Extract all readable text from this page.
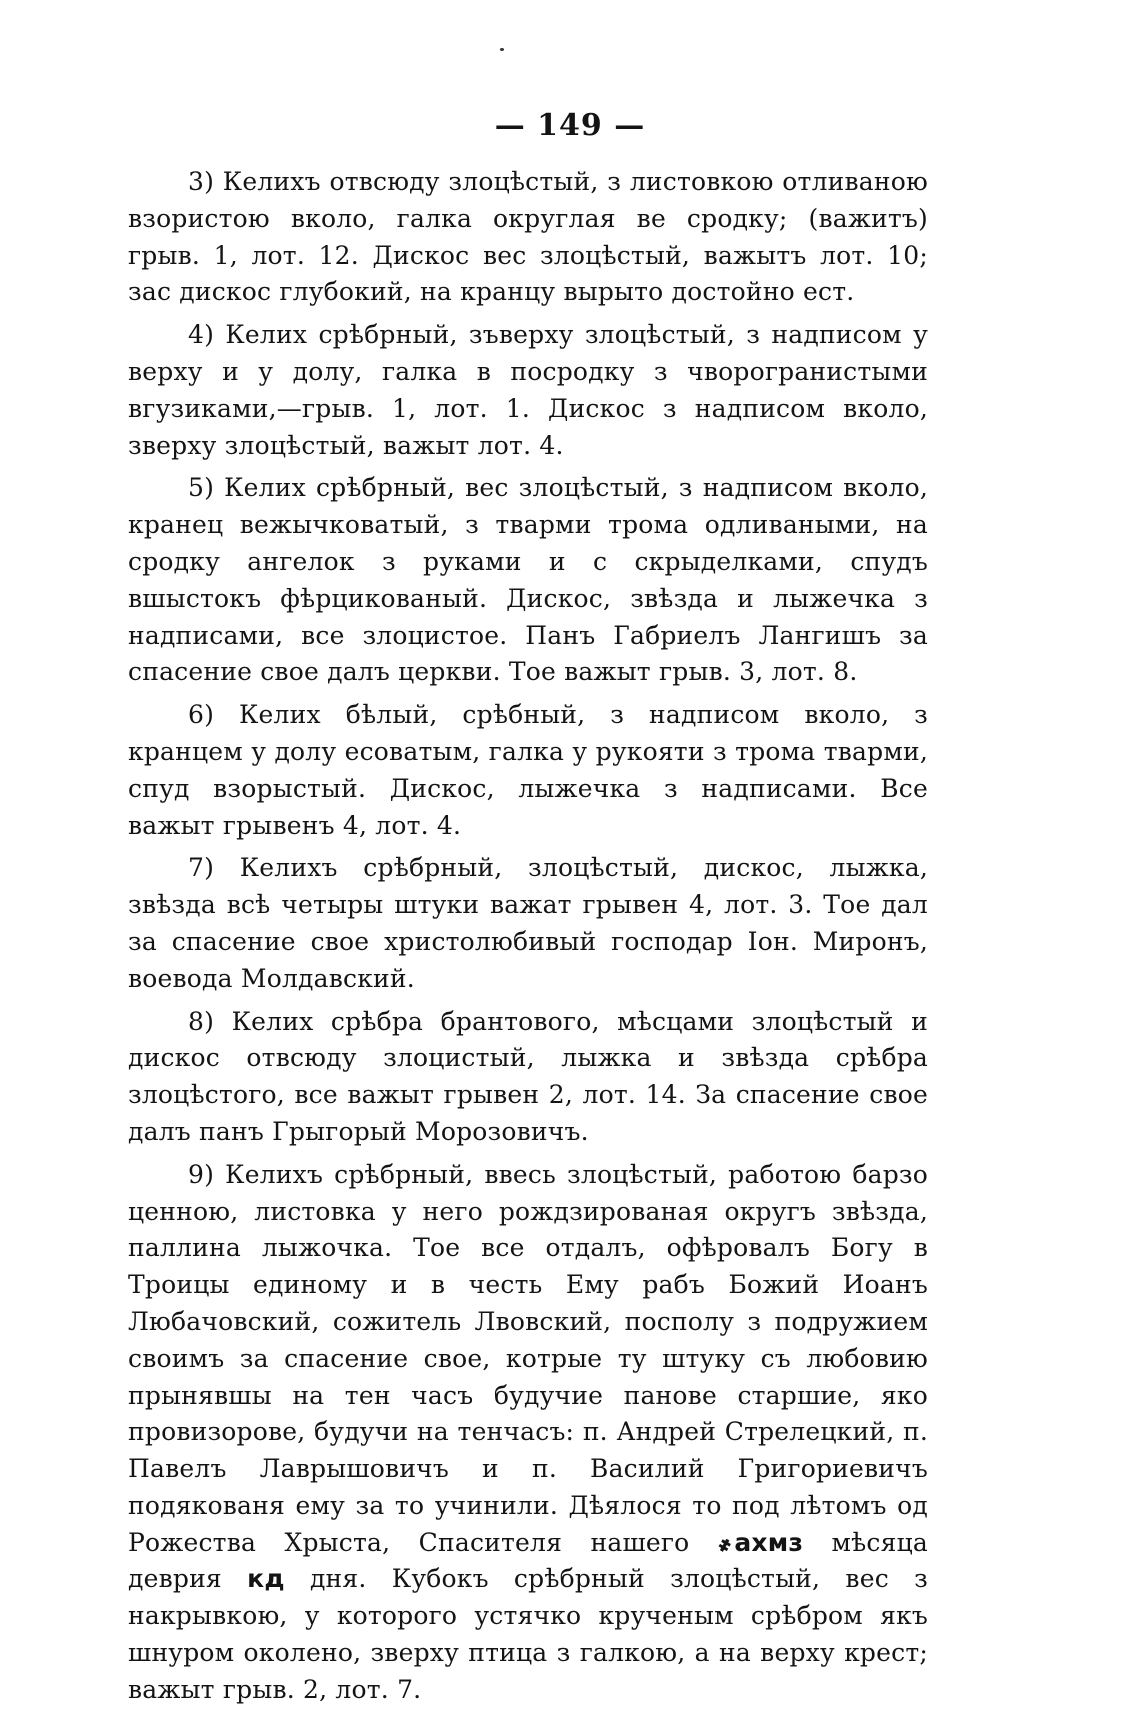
— 149 —

3) Келихъ отвсюду злоцѣстый, з листовкою отливаною взористою вколо, галка округлая ве сродку; (важитъ) грыв. 1, лот. 12. Дискос вес злоцѣстый, важытъ лот. 10; зас дискос глубокий, на кранцу вырыто достойно ест.

4) Келих срѣбрный, зъверху злоцѣстый, з надписом у верху и у долу, галка в посродку з чворогранистыми вгузиками,—грыв. 1, лот. 1. Дискос з надписом вколо, зверху злоцѣстый, важыт лот. 4.

5) Келих срѣбрный, вес злоцѣстый, з надписом вколо, кранец вежычковатый, з тварми трома одливаными, на сродку ангелок з руками и с скрыделками, спудъ вшыстокъ фѣрцикованый. Дискос, звѣзда и лыжечка з надписами, все злоцистое. Панъ Габриелъ Лангишъ за спасение свое далъ церкви. Тое важыт грыв. 3, лот. 8.

6) Келих бѣлый, срѣбный, з надписом вколо, з кранцем у долу есоватым, галка у рукояти з трома тварми, спуд взорыстый. Дискос, лыжечка з надписами. Все важыт грывенъ 4, лот. 4.

7) Келихъ срѣбрный, злоцѣстый, дискос, лыжка, звѣзда всѣ четыры штуки важат грывен 4, лот. 3. Тое дал за спасение свое христолюбивый господар Іон. Миронъ, воевода Молдавский.

8) Келих срѣбра брантового, мѣсцами злоцѣстый и дискос отвсюду злоцистый, лыжка и звѣзда срѣбра злоцѣстого, все важыт грывен 2, лот. 14. За спасение свое далъ панъ Грыгорый Морозовичъ.

9) Келихъ срѣбрный, ввесь злоцѣстый, работою барзо ценною, листовка у него рождзированая округъ звѣзда, паллина лыжочка. Тое все отдалъ, офѣровалъ Богу в Троицы единому и в честь Ему рабъ Божий Иоанъ Любачовский, сожитель Лвовский, посполу з подружием своимъ за спасение свое, котрые ту штуку съ любовию прынявшы на тен часъ будучие панове старшие, яко провизорове, будучи на тенчасъ: п. Андрей Стрелецкий, п. Павелъ Лаврышовичъ и п. Василий Григориевичъ подякованя ему за то учинили. Дѣялося то под лѣтомъ од Рожества Хрыста, Спасителя нашего ҂ахмз мѣсяца деврия кд дня. Кубокъ срѣбрный злоцѣстый, вес з накрывкою, у которого устячко крученым срѣбром якъ шнуром околено, зверху птица з галкою, а на верху крест; важыт грыв. 2, лот. 7.
